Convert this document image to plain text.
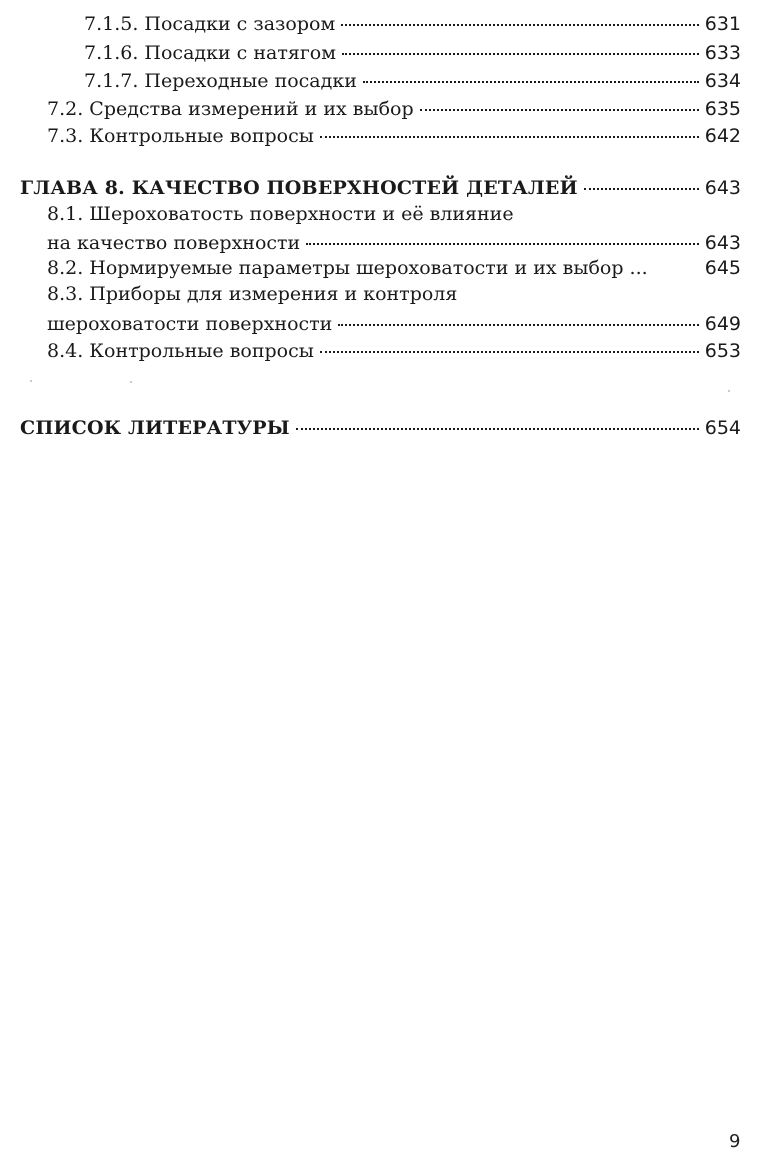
7.1.5. Посадки с зазором	631
7.1.6. Посадки с натягом	633
7.1.7. Переходные посадки	634
7.2. Средства измерений и их выбор	635
7.3. Контрольные вопросы	642
ГЛАВА 8. КАЧЕСТВО ПОВЕРХНОСТЕЙ ДЕТАЛЕЙ	643
8.1. Шероховатость поверхности и её влияние
на качество поверхности	643
8.2. Нормируемые параметры шероховатости и их выбор ...	645
8.3. Приборы для измерения и контроля
шероховатости поверхности	649
8.4. Контрольные вопросы	653
СПИСОК ЛИТЕРАТУРЫ	654
9
